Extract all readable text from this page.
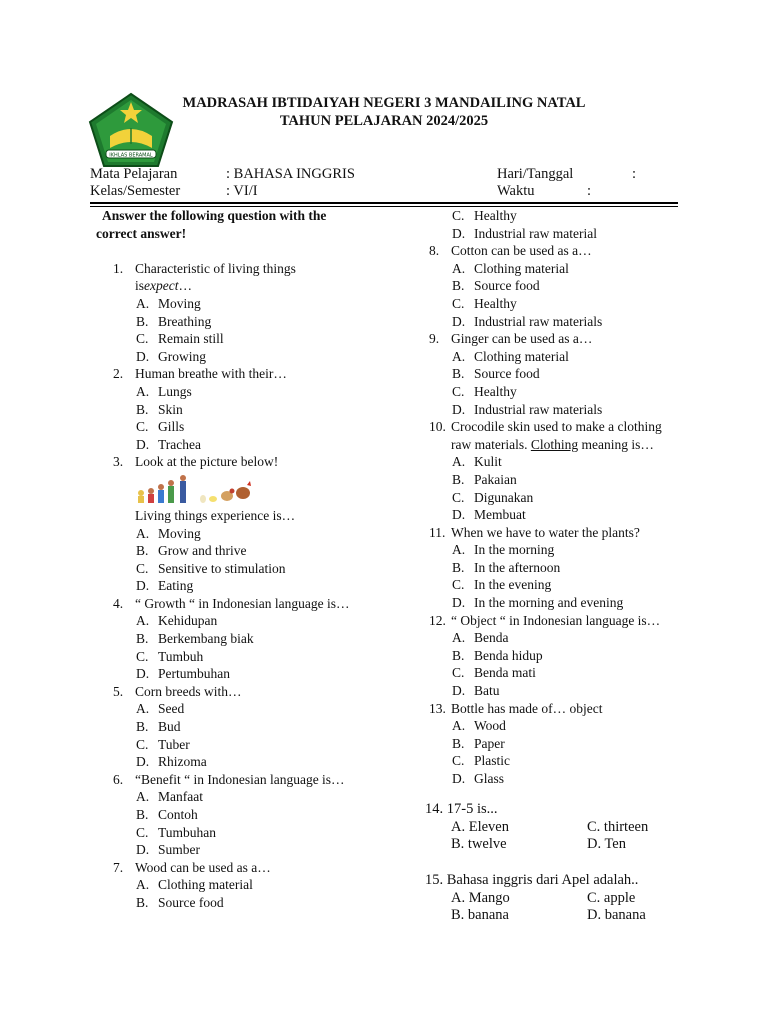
IKHLAS BERAMAL
MADRASAH IBTIDAIYAH NEGERI 3 MANDAILING NATAL
TAHUN PELAJARAN 2024/2025
Mata Pelajaran	: BAHASA INGGRIS	Hari/Tanggal	:
Kelas/Semester	: VI/I	Waktu	:
Answer the following question with the
correct answer!
1. Characteristic of living things
is expect …
A. Moving
B. Breathing
C. Remain still
D. Growing
2. Human breathe with their…
A. Lungs
B. Skin
C. Gills
D. Trachea
3. Look at the picture below!
Living things experience is…
A. Moving
B. Grow and thrive
C. Sensitive to stimulation
D. Eating
4. “ Growth “ in Indonesian language is…
A. Kehidupan
B. Berkembang biak
C. Tumbuh
D. Pertumbuhan
5. Corn breeds with…
A. Seed
B. Bud
C. Tuber
D. Rhizoma
6. “Benefit “ in Indonesian language is…
A. Manfaat
B. Contoh
C. Tumbuhan
D. Sumber
7. Wood can be used as a…
A. Clothing material
B. Source food
C. Healthy
D. Industrial raw material
8. Cotton can be used as a…
A. Clothing material
B. Source food
C. Healthy
D. Industrial raw materials
9. Ginger can be used as a…
A. Clothing material
B. Source food
C. Healthy
D. Industrial raw materials
10. Crocodile skin used to make a clothing
raw materials. Clothing meaning is…
A. Kulit
B. Pakaian
C. Digunakan
D. Membuat
11. When we have to water the plants?
A. In the morning
B. In the afternoon
C. In the evening
D. In the morning and evening
12. “ Object “ in Indonesian language is…
A. Benda
B. Benda hidup
C. Benda mati
D. Batu
13. Bottle has made of… object
A. Wood
B. Paper
C. Plastic
D. Glass
14. 17-5 is...
A. Eleven	C. thirteen
B. twelve	D. Ten
15. Bahasa inggris dari Apel adalah..
A. Mango	C. apple
B. banana	D. banana
